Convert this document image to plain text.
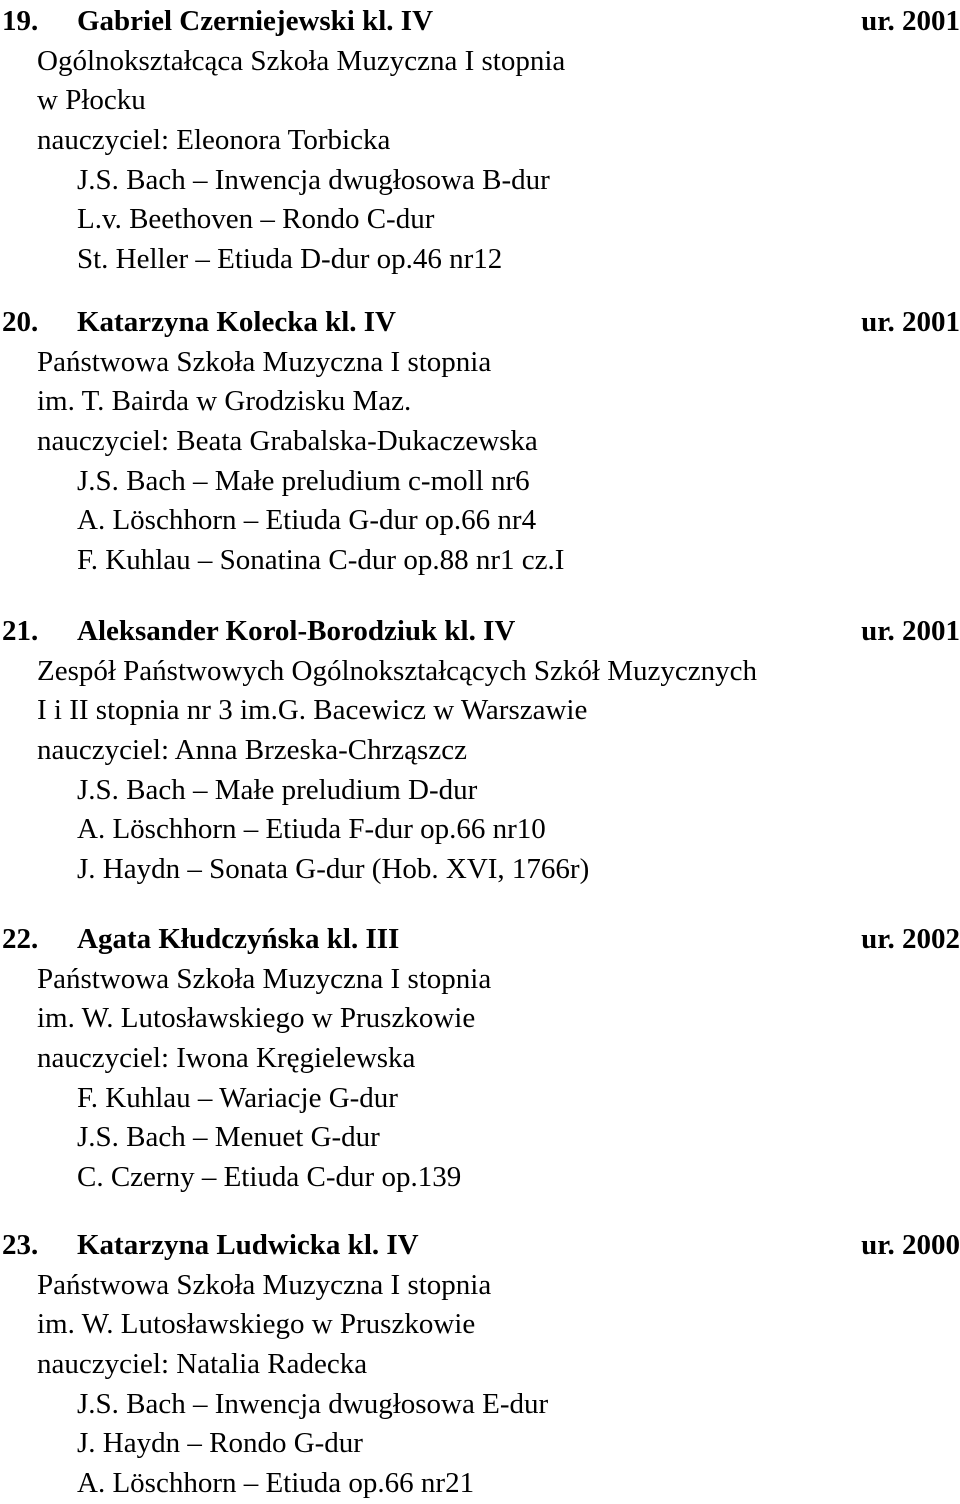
19. Gabriel Czerniejewski kl. IV	ur. 2001
Ogólnokształcąca Szkoła Muzyczna I stopnia
w Płocku
nauczyciel: Eleonora Torbicka
J.S. Bach – Inwencja dwugłosowa B-dur
L.v. Beethoven – Rondo C-dur
St. Heller – Etiuda D-dur op.46 nr12
20. Katarzyna Kolecka kl. IV	ur. 2001
Państwowa Szkoła Muzyczna I stopnia
im. T. Bairda w Grodzisku Maz.
nauczyciel: Beata Grabalska-Dukaczewska
J.S. Bach – Małe preludium c-moll nr6
A. Löschhorn – Etiuda G-dur op.66 nr4
F. Kuhlau – Sonatina C-dur op.88 nr1 cz.I
21. Aleksander Korol-Borodziuk kl. IV	ur. 2001
Zespół Państwowych Ogólnokształcących Szkół Muzycznych
I i II stopnia nr 3 im.G. Bacewicz w Warszawie
nauczyciel: Anna Brzeska-Chrząszcz
J.S. Bach – Małe preludium D-dur
A. Löschhorn – Etiuda F-dur op.66 nr10
J. Haydn – Sonata G-dur (Hob. XVI, 1766r)
22. Agata Kłudczyńska kl. III	ur. 2002
Państwowa Szkoła Muzyczna I stopnia
im. W. Lutosławskiego w Pruszkowie
nauczyciel: Iwona Kręgielewska
F. Kuhlau – Wariacje G-dur
J.S. Bach – Menuet G-dur
C. Czerny – Etiuda C-dur op.139
23. Katarzyna Ludwicka kl. IV	ur. 2000
Państwowa Szkoła Muzyczna I stopnia
im. W. Lutosławskiego w Pruszkowie
nauczyciel: Natalia Radecka
J.S. Bach – Inwencja dwugłosowa E-dur
J. Haydn – Rondo G-dur
A. Löschhorn – Etiuda op.66 nr21
